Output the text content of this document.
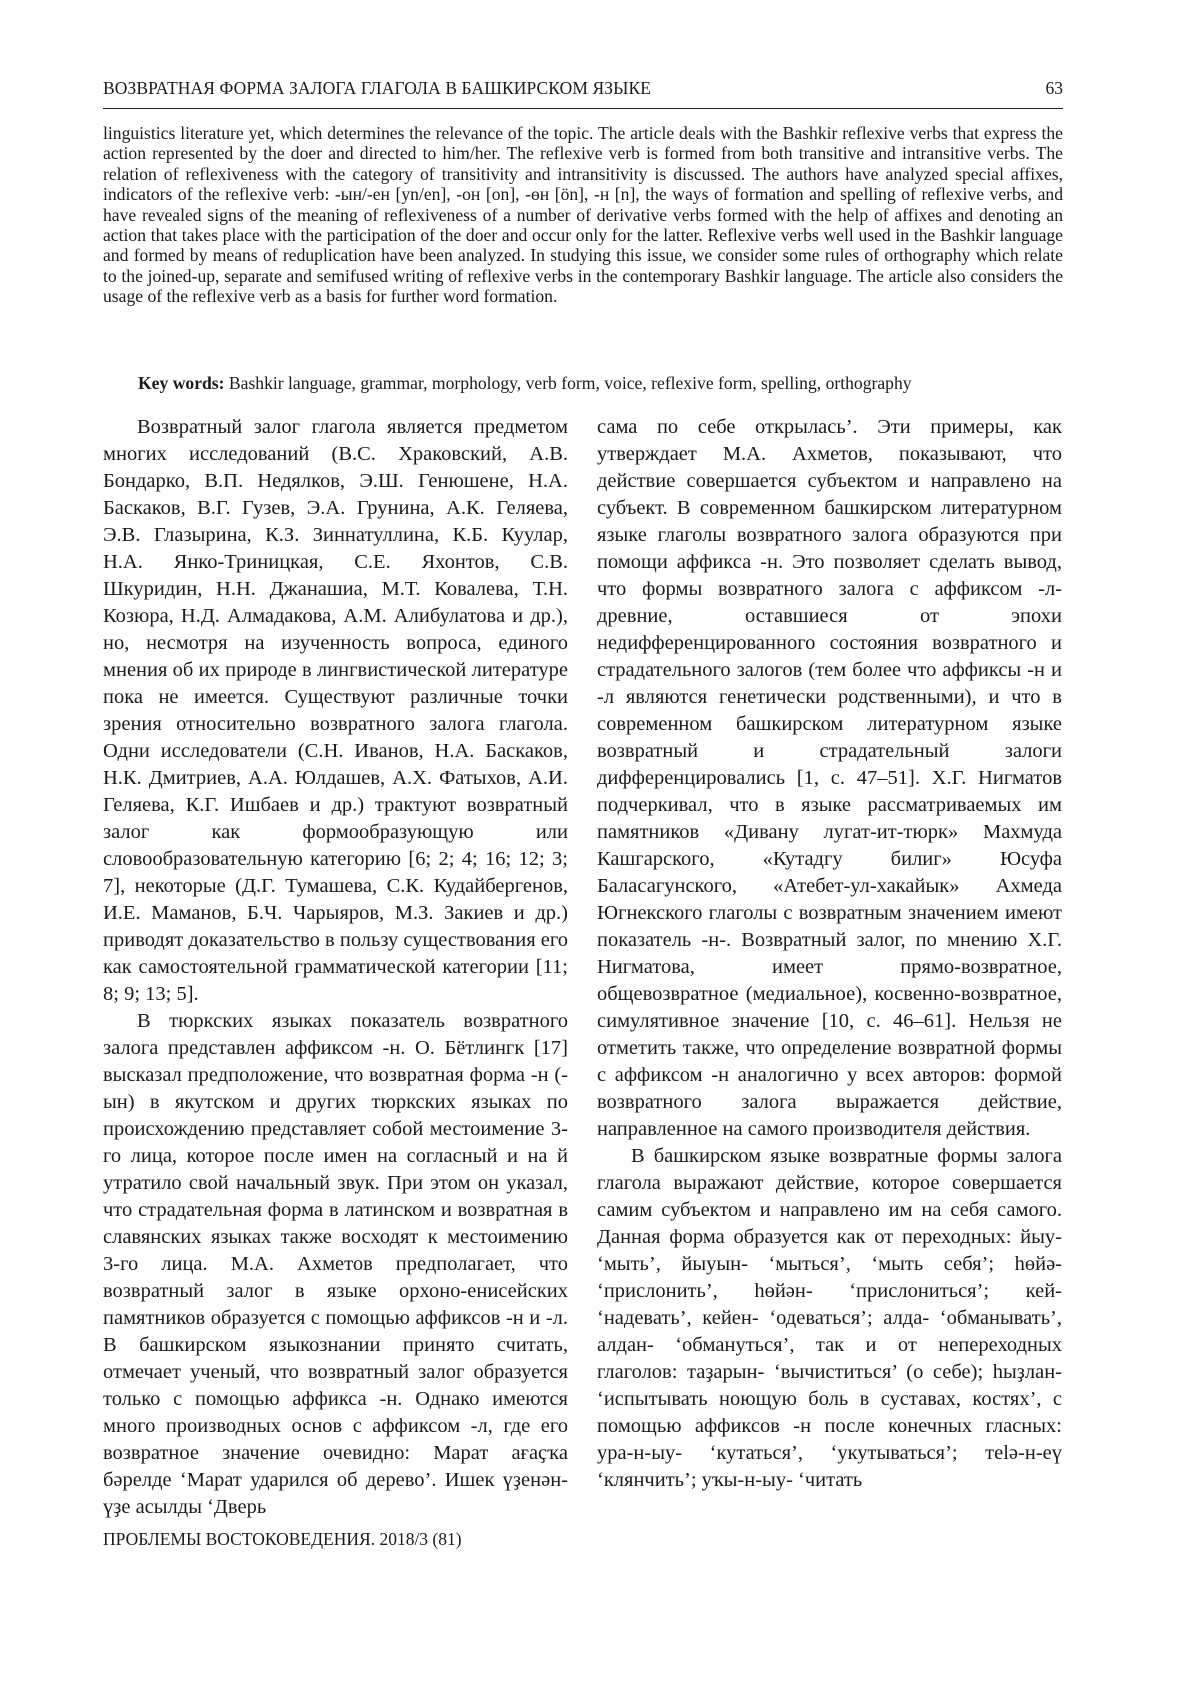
ВОЗВРАТНАЯ ФОРМА ЗАЛОГА ГЛАГОЛА В БАШКИРСКОМ ЯЗЫКЕ	63
linguistics literature yet, which determines the relevance of the topic. The article deals with the Bashkir reflexive verbs that express the action represented by the doer and directed to him/her. The reflexive verb is formed from both transitive and intransitive verbs. The relation of reflexiveness with the category of transitivity and intransitivity is discussed. The authors have analyzed special affixes, indicators of the reflexive verb: -ын/-ен [yn/en], -он [on], -өн [ön], -н [n], the ways of formation and spelling of reflexive verbs, and have revealed signs of the meaning of reflexiveness of a number of derivative verbs formed with the help of affixes and denoting an action that takes place with the participation of the doer and occur only for the latter. Reflexive verbs well used in the Bashkir language and formed by means of reduplication have been analyzed. In studying this issue, we consider some rules of orthography which relate to the joined-up, separate and semifused writing of reflexive verbs in the contemporary Bashkir language. The article also considers the usage of the reflexive verb as a basis for further word formation.
Key words: Bashkir language, grammar, morphology, verb form, voice, reflexive form, spelling, orthography

Возвратный залог глагола является предметом многих исследований (В.С. Храковский, А.В. Бондарко, В.П. Недялков, Э.Ш. Генюшене, Н.А. Баскаков, В.Г. Гузев, Э.А. Грунина, А.К. Геляева, Э.В. Глазырина, К.З. Зиннатуллина, К.Б. Куулар, Н.А. Янко-Триницкая, С.Е. Яхонтов, С.В. Шкуридин, Н.Н. Джанашиа, М.Т. Ковалева, Т.Н. Козюра, Н.Д. Алмадакова, А.М. Алибулатова и др.), но, несмотря на изученность вопроса, единого мнения об их природе в лингвистической литературе пока не имеется. Существуют различные точки зрения относительно возвратного залога глагола. Одни исследователи (С.Н. Иванов, Н.А. Баскаков, Н.К. Дмитриев, А.А. Юлдашев, А.Х. Фатыхов, А.И. Геляева, К.Г. Ишбаев и др.) трактуют возвратный залог как формообразующую или словообразовательную категорию [6; 2; 4; 16; 12; 3; 7], некоторые (Д.Г. Тумашева, С.К. Кудайбергенов, И.Е. Маманов, Б.Ч. Чарыяров, М.З. Закиев и др.) приводят доказательство в пользу существования его как самостоятельной грамматической категории [11; 8; 9; 13; 5].

В тюркских языках показатель возвратного залога представлен аффиксом -н. О. Бётлингк [17] высказал предположение, что возвратная форма -н (-ын) в якутском и других тюркских языках по происхождению представляет собой местоимение 3-го лица, которое после имен на согласный и на й утратило свой начальный звук. При этом он указал, что страдательная форма в латинском и возвратная в славянских языках также восходят к местоимению 3-го лица. М.А. Ахметов предполагает, что возвратный залог в языке орхоно-енисейских памятников образуется с помощью аффиксов -н и -л. В башкирском языкознании принято считать, отмечает ученый, что возвратный залог образуется только с помощью аффикса -н. Однако имеются много производных основ с аффиксом -л, где его возвратное значение очевидно: Марат ағаҫҡа бәрелде ‘Марат ударился об дерево’. Ишек үҙенән-үҙе асылды ‘Дверь

сама по себе открылась’. Эти примеры, как утверждает М.А. Ахметов, показывают, что действие совершается субъектом и направлено на субъект. В современном башкирском литературном языке глаголы возвратного залога образуются при помощи аффикса -н. Это позволяет сделать вывод, что формы возвратного залога с аффиксом -л- древние, оставшиеся от эпохи недифференцированного состояния возвратного и страдательного залогов (тем более что аффиксы -н и -л являются генетически родственными), и что в современном башкирском литературном языке возвратный и страдательный залоги дифференцировались [1, с. 47–51]. Х.Г. Нигматов подчеркивал, что в языке рассматриваемых им памятников «Дивану лугат-ит-тюрк» Махмуда Кашгарского, «Кутадгу билиг» Юсуфа Баласагунского, «Атебет-ул-хакайык» Ахмеда Югнекского глаголы с возвратным значением имеют показатель -н-. Возвратный залог, по мнению Х.Г. Нигматова, имеет прямо-возвратное, общевозвратное (медиальное), косвенно-возвратное, симулятивное значение [10, с. 46–61]. Нельзя не отметить также, что определение возвратной формы с аффиксом -н аналогично у всех авторов: формой возвратного залога выражается действие, направленное на самого производителя действия.

В башкирском языке возвратные формы залога глагола выражают действие, которое совершается самим субъектом и направлено им на себя самого. Данная форма образуется как от переходных: йыу- ‘мыть’, йыуын- ‘мыться’, ‘мыть себя’; һөйә- ‘прислонить’, һөйән- ‘прислониться’; кей- ‘надевать’, кейен- ‘одеваться’; алда- ‘обманывать’, алдан- ‘обмануться’, так и от непереходных глаголов: таҙарын- ‘вычиститься’ (о себе); һыҙлан- ‘испытывать ноющую боль в суставах, костях’, с помощью аффиксов -н после конечных гласных: ура-н-ыу- ‘кутаться’, ‘укутываться’; теlә-н-еү ‘клянчить’; уҡы-н-ыу- ‘читать

ПРОБЛЕМЫ ВОСТОКОВЕДЕНИЯ. 2018/3 (81)
